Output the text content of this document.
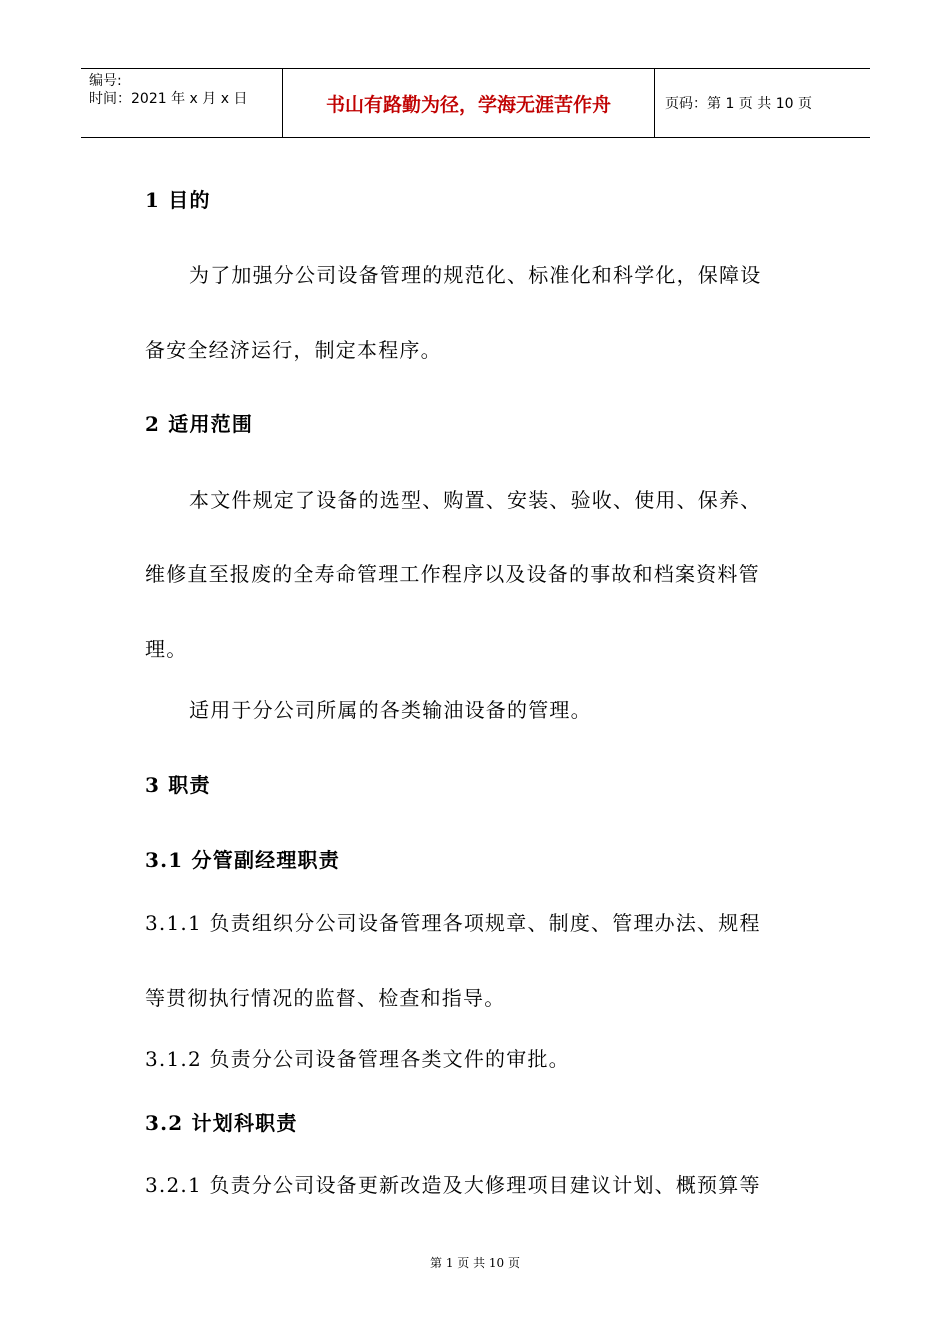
编号:
时间：2021 年 x 月 x 日	书山有路勤为径，学海无涯苦作舟	页码：第 1 页 共 10 页
1 目的
为了加强分公司设备管理的规范化、标准化和科学化，保障设
备安全经济运行，制定本程序。
2 适用范围
本文件规定了设备的选型、购置、安装、验收、使用、保养、
维修直至报废的全寿命管理工作程序以及设备的事故和档案资料管
理。
适用于分公司所属的各类输油设备的管理。
3 职责
3.1 分管副经理职责
3.1.1 负责组织分公司设备管理各项规章、制度、管理办法、规程
等贯彻执行情况的监督、检查和指导。
3.1.2 负责分公司设备管理各类文件的审批。
3.2 计划科职责
3.2.1 负责分公司设备更新改造及大修理项目建议计划、概预算等
第 1 页 共 10 页
